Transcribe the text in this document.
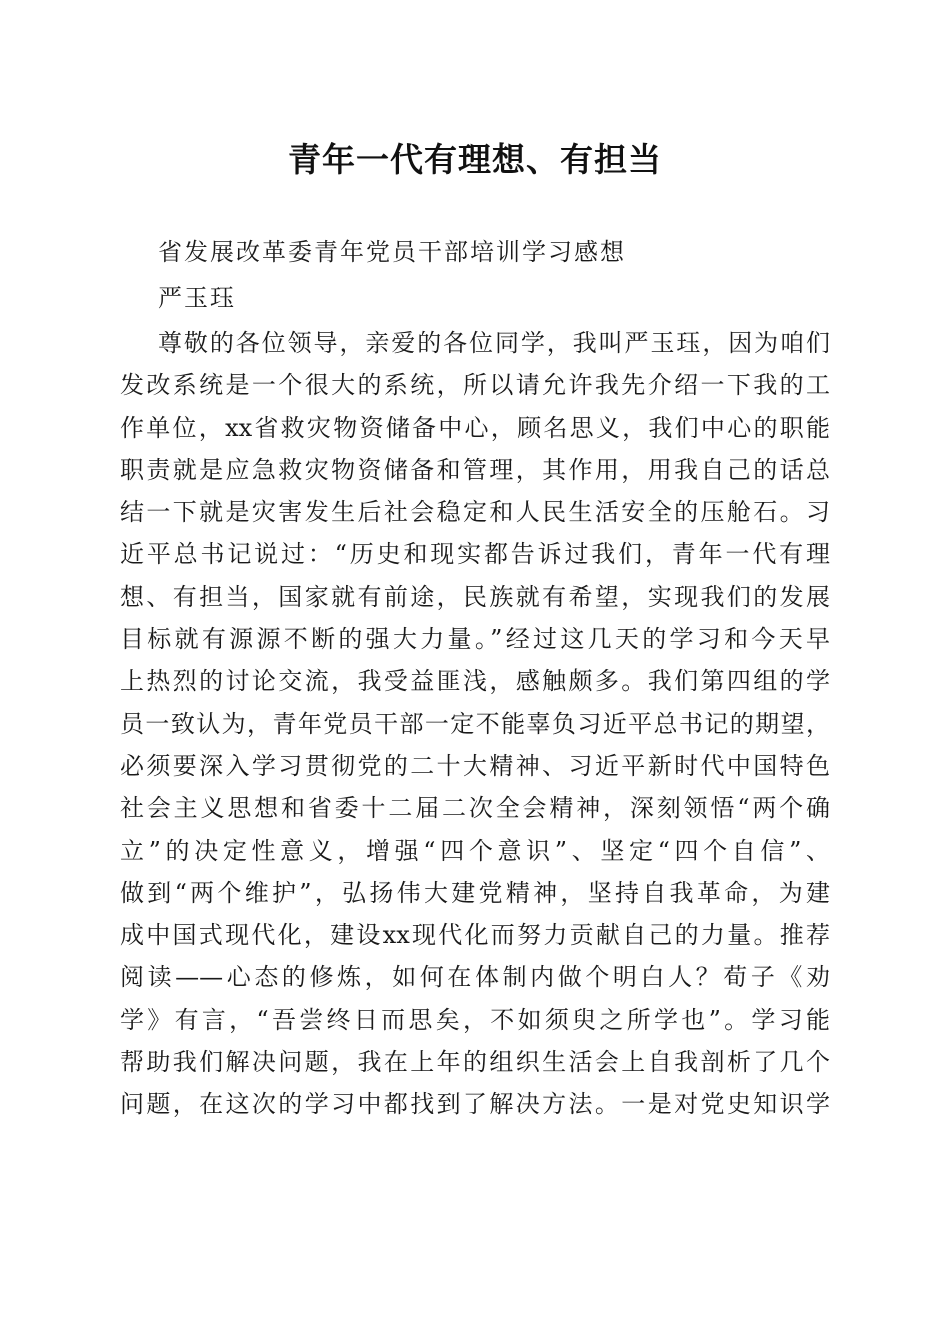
青年一代有理想、有担当
省发展改革委青年党员干部培训学习感想
严玉珏
尊敬的各位领导，亲爱的各位同学，我叫严玉珏，因为咱们
发改系统是一个很大的系统，所以请允许我先介绍一下我的工
作单位，xx省救灾物资储备中心，顾名思义，我们中心的职能
职责就是应急救灾物资储备和管理，其作用，用我自己的话总
结一下就是灾害发生后社会稳定和人民生活安全的压舱石。习
近平总书记说过：“历史和现实都告诉过我们，青年一代有理
想、有担当，国家就有前途，民族就有希望，实现我们的发展
目标就有源源不断的强大力量。”经过这几天的学习和今天早
上热烈的讨论交流，我受益匪浅，感触颇多。我们第四组的学
员一致认为，青年党员干部一定不能辜负习近平总书记的期望，
必须要深入学习贯彻党的二十大精神、习近平新时代中国特色
社会主义思想和省委十二届二次全会精神，深刻领悟“两个确
立”的决定性意义，增强“四个意识”、坚定“四个自信”、
做到“两个维护”，弘扬伟大建党精神，坚持自我革命，为建
成中国式现代化，建设xx现代化而努力贡献自己的力量。推荐
阅读——心态的修炼，如何在体制内做个明白人？荀子《劝
学》有言，“吾尝终日而思矣，不如须臾之所学也”。学习能
帮助我们解决问题，我在上年的组织生活会上自我剖析了几个
问题，在这次的学习中都找到了解决方法。一是对党史知识学
